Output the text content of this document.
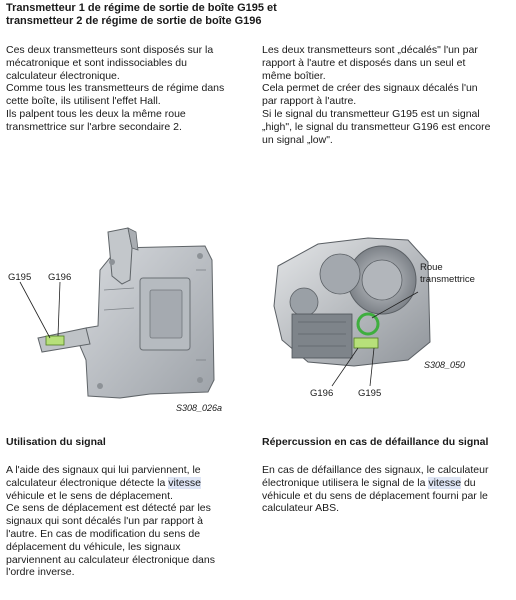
Transmetteur 1 de régime de sortie de boîte G195 et
transmetteur 2 de régime de sortie de boîte G196
Ces deux transmetteurs sont disposés sur la
mécatronique et sont indissociables du
calculateur électronique.
Comme tous les transmetteurs de régime dans
cette boîte, ils utilisent l'effet Hall.
Ils palpent tous les deux la même roue
transmettrice sur l'arbre secondaire 2.
Les deux transmetteurs sont „décalés" l'un par
rapport à l'autre et disposés dans un seul et
même boîtier.
Cela permet de créer des signaux décalés l'un
par rapport à l'autre.
Si le signal du transmetteur G195 est un signal
„high", le signal du transmetteur G196 est encore
un signal „low".
G195 G196
S308_026a
Roue
transmettrice
G196	G195
S308_050
Utilisation du signal
A l'aide des signaux qui lui parviennent, le
calculateur électronique détecte la vitesse
véhicule et le sens de déplacement.
Ce sens de déplacement est détecté par les
signaux qui sont décalés l'un par rapport à
l'autre. En cas de modification du sens de
déplacement du véhicule, les signaux
parviennent au calculateur électronique dans
l'ordre inverse.
Répercussion en cas de défaillance du signal
En cas de défaillance des signaux, le calculateur
électronique utilisera le signal de la vitesse du
véhicule et du sens de déplacement fourni par le
calculateur ABS.
